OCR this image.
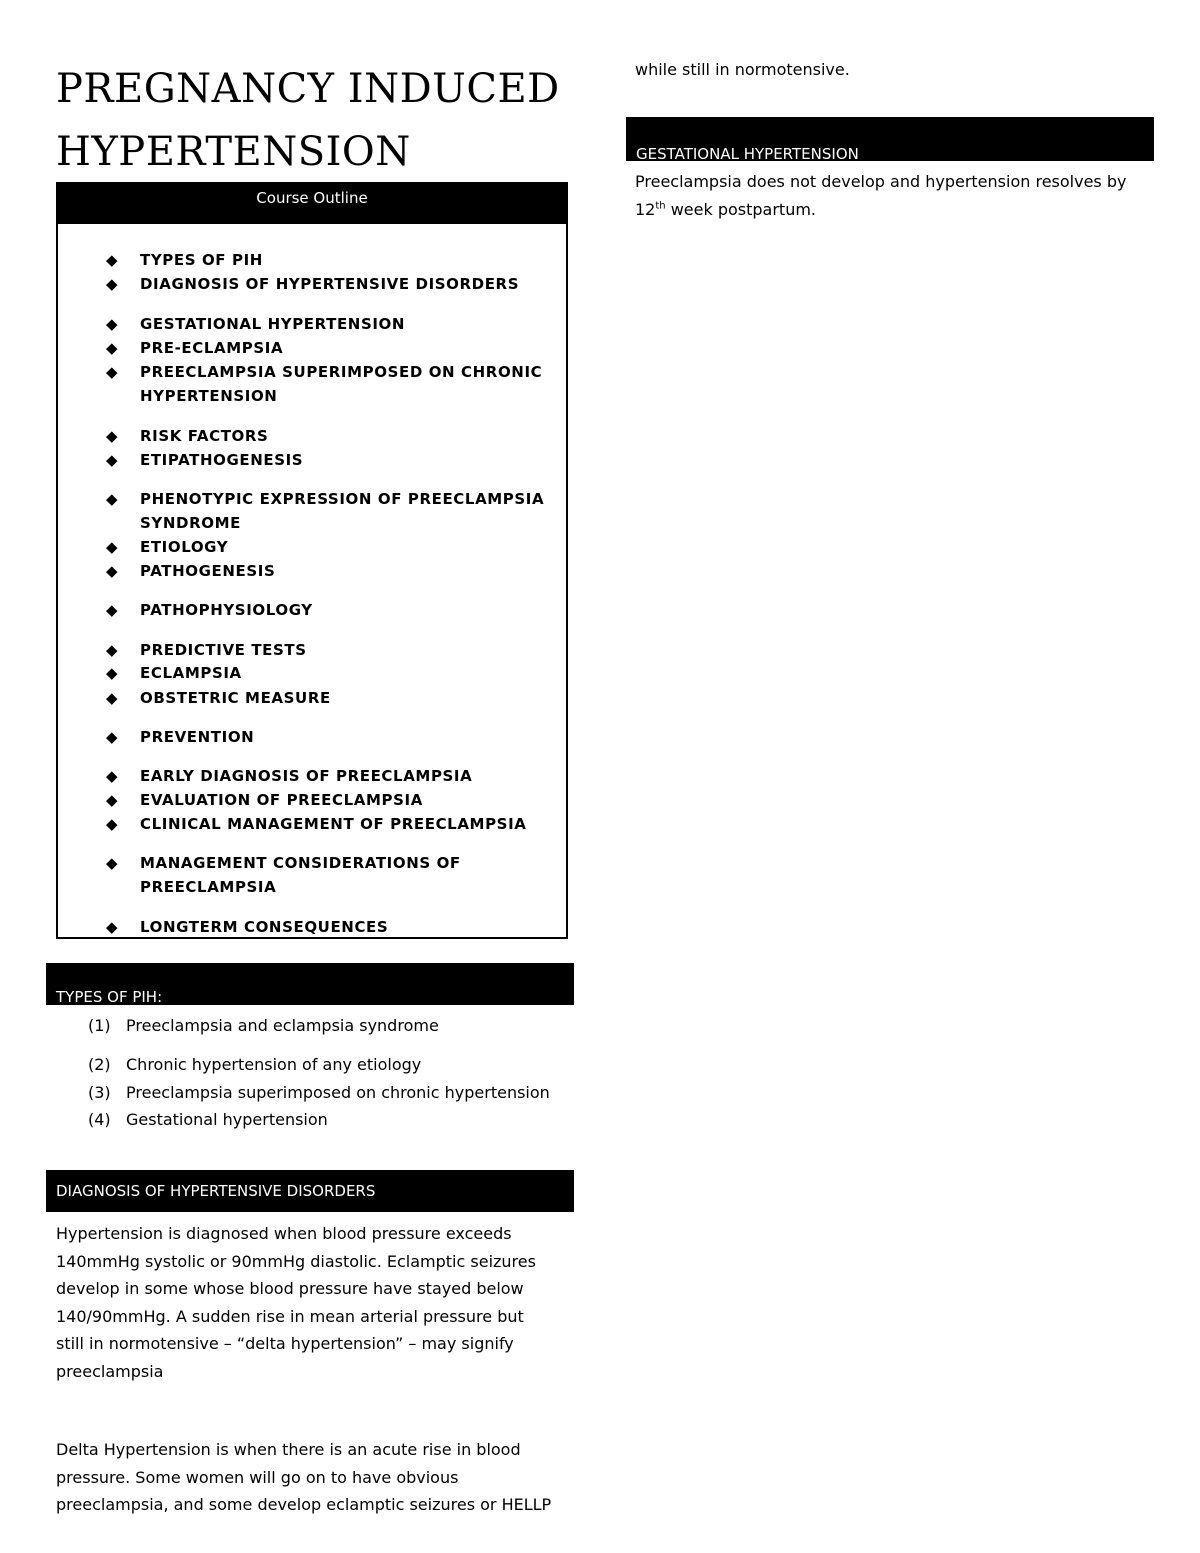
PREGNANCY INDUCED
HYPERTENSION
Course Outline
◆	TYPES OF PIH
◆	DIAGNOSIS OF HYPERTENSIVE DISORDERS
◆	GESTATIONAL HYPERTENSION
◆	PRE-ECLAMPSIA
◆	PREECLAMPSIA SUPERIMPOSED ON CHRONIC HYPERTENSION
◆	RISK FACTORS
◆	ETIPATHOGENESIS
◆	PHENOTYPIC EXPRESSION OF PREECLAMPSIA SYNDROME
◆	ETIOLOGY
◆	PATHOGENESIS
◆	PATHOPHYSIOLOGY
◆	PREDICTIVE TESTS
◆	ECLAMPSIA
◆	OBSTETRIC MEASURE
◆	PREVENTION
◆	EARLY DIAGNOSIS OF PREECLAMPSIA
◆	EVALUATION OF PREECLAMPSIA
◆	CLINICAL MANAGEMENT OF PREECLAMPSIA
◆	MANAGEMENT CONSIDERATIONS OF PREECLAMPSIA
◆	LONGTERM CONSEQUENCES
TYPES OF PIH:
(1) Preeclampsia and eclampsia syndrome
(2) Chronic hypertension of any etiology
(3) Preeclampsia superimposed on chronic hypertension
(4) Gestational hypertension
DIAGNOSIS OF HYPERTENSIVE DISORDERS

Hypertension is diagnosed when blood pressure exceeds 140mmHg systolic or 90mmHg diastolic. Eclamptic seizures develop in some whose blood pressure have stayed below 140/90mmHg. A sudden rise in mean arterial pressure but still in normotensive – “delta hypertension” – may signify preeclampsia

Delta Hypertension is when there is an acute rise in blood pressure. Some women will go on to have obvious preeclampsia, and some develop eclamptic seizures or HELLP

while still in normotensive.

GESTATIONAL HYPERTENSION

Preeclampsia does not develop and hypertension resolves by
12th week postpartum.
